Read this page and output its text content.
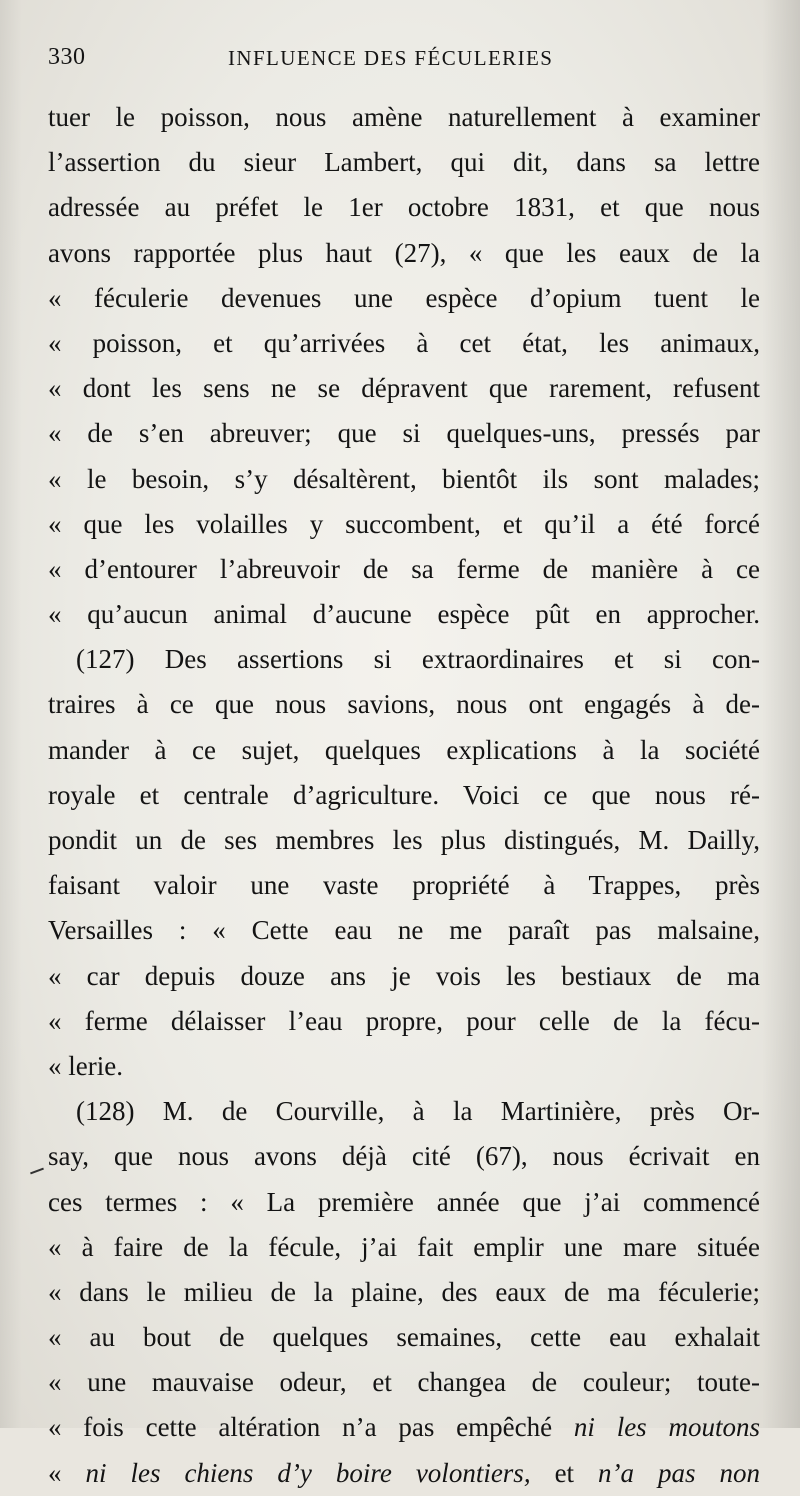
330	INFLUENCE DES FÉCULERIES
tuer le poisson, nous amène naturellement à examiner
l’assertion du sieur Lambert, qui dit, dans sa lettre
adressée au préfet le 1er octobre 1831, et que nous
avons rapportée plus haut (27), « que les eaux de la
« féculerie devenues une espèce d’opium tuent le
« poisson, et qu’arrivées à cet état, les animaux,
« dont les sens ne se dépravent que rarement, refusent
« de s’en abreuver; que si quelques-uns, pressés par
« le besoin, s’y désaltèrent, bientôt ils sont malades;
« que les volailles y succombent, et qu’il a été forcé
« d’entourer l’abreuvoir de sa ferme de manière à ce
« qu’aucun animal d’aucune espèce pût en approcher.
(127) Des assertions si extraordinaires et si con-
traires à ce que nous savions, nous ont engagés à de-
mander à ce sujet, quelques explications à la société
royale et centrale d’agriculture. Voici ce que nous ré-
pondit un de ses membres les plus distingués, M. Dailly,
faisant valoir une vaste propriété à Trappes, près
Versailles : « Cette eau ne me paraît pas malsaine,
« car depuis douze ans je vois les bestiaux de ma
« ferme délaisser l’eau propre, pour celle de la fécu-
« lerie.
(128) M. de Courville, à la Martinière, près Or-
say, que nous avons déjà cité (67), nous écrivait en
ces termes : « La première année que j’ai commencé
« à faire de la fécule, j’ai fait emplir une mare située
« dans le milieu de la plaine, des eaux de ma féculerie;
« au bout de quelques semaines, cette eau exhalait
« une mauvaise odeur, et changea de couleur; toute-
« fois cette altération n’a pas empêché ni les moutons
« ni les chiens d’y boire volontiers, et n’a pas non
